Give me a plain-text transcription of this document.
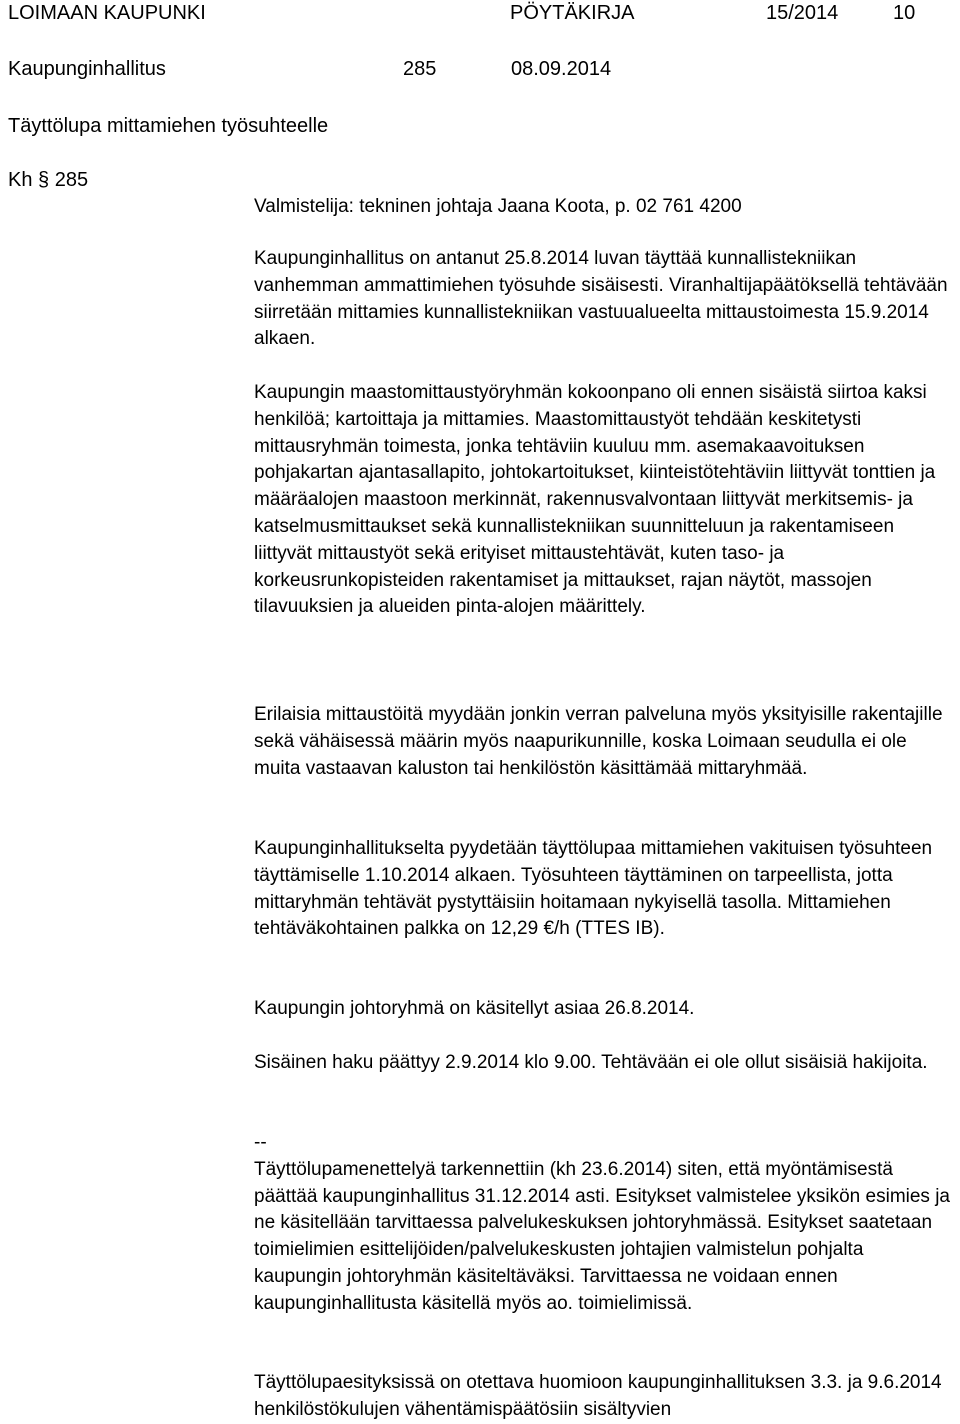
LOIMAAN KAUPUNKI	PÖYTÄKIRJA	15/2014	10
Kaupunginhallitus	285	08.09.2014
Täyttölupa mittamiehen työsuhteelle
Kh § 285
Valmistelija: tekninen johtaja Jaana Koota, p. 02 761 4200

Kaupunginhallitus on antanut 25.8.2014 luvan täyttää kunnallistekniikan vanhemman ammattimiehen työsuhde sisäisesti. Viranhaltijapäätöksellä tehtävään siirretään mittamies kunnallistekniikan vastuualueelta mittaustoimesta 15.9.2014 alkaen.

Kaupungin maastomittaustyöryhmän kokoonpano oli ennen sisäistä siirtoa kaksi henkilöä; kartoittaja ja mittamies. Maastomittaustyöt tehdään keskitetysti mittausryhmän toimesta, jonka tehtäviin kuuluu mm. asemakaavoituksen pohjakartan ajantasallapito, johtokartoitukset, kiinteistötehtäviin liittyvät tonttien ja määräalojen maastoon merkinnät, rakennusvalvontaan liittyvät merkitsemis- ja katselmusmittaukset sekä kunnallistekniikan suunnitteluun ja rakentamiseen liittyvät mittaustyöt sekä erityiset mittaustehtävät, kuten taso- ja korkeusrunkopisteiden rakentamiset ja mittaukset, rajan näytöt, massojen tilavuuksien ja alueiden pinta-alojen määrittely.

Erilaisia mittaustöitä myydään jonkin verran palveluna myös yksityisille rakentajille sekä vähäisessä määrin myös naapurikunnille, koska Loimaan seudulla ei ole muita vastaavan kaluston tai henkilöstön käsittämää mittaryhmää.

Kaupunginhallitukselta pyydetään täyttölupaa mittamiehen vakituisen työsuhteen täyttämiselle 1.10.2014 alkaen. Työsuhteen täyttäminen on tarpeellista, jotta mittaryhmän tehtävät pystyttäisiin hoitamaan nykyisellä tasolla. Mittamiehen tehtäväkohtainen palkka on 12,29 €/h (TTES IB).

Kaupungin johtoryhmä on käsitellyt asiaa 26.8.2014.

Sisäinen haku päättyy 2.9.2014 klo 9.00. Tehtävään ei ole ollut sisäisiä hakijoita.

--
Täyttölupamenettelyä tarkennettiin (kh 23.6.2014) siten, että myöntämisestä päättää kaupunginhallitus 31.12.2014 asti. Esitykset valmistelee yksikön esimies ja ne käsitellään tarvittaessa palvelukeskuksen johtoryhmässä. Esitykset saatetaan toimielimien esittelijöiden/palvelukeskusten johtajien valmistelun pohjalta kaupungin johtoryhmän käsiteltäväksi. Tarvittaessa ne voidaan ennen kaupunginhallitusta käsitellä myös ao. toimielimissä.

Täyttölupaesityksissä on otettava huomioon kaupunginhallituksen 3.3. ja 9.6.2014 henkilöstökulujen vähentämispäätösiin sisältyvien
